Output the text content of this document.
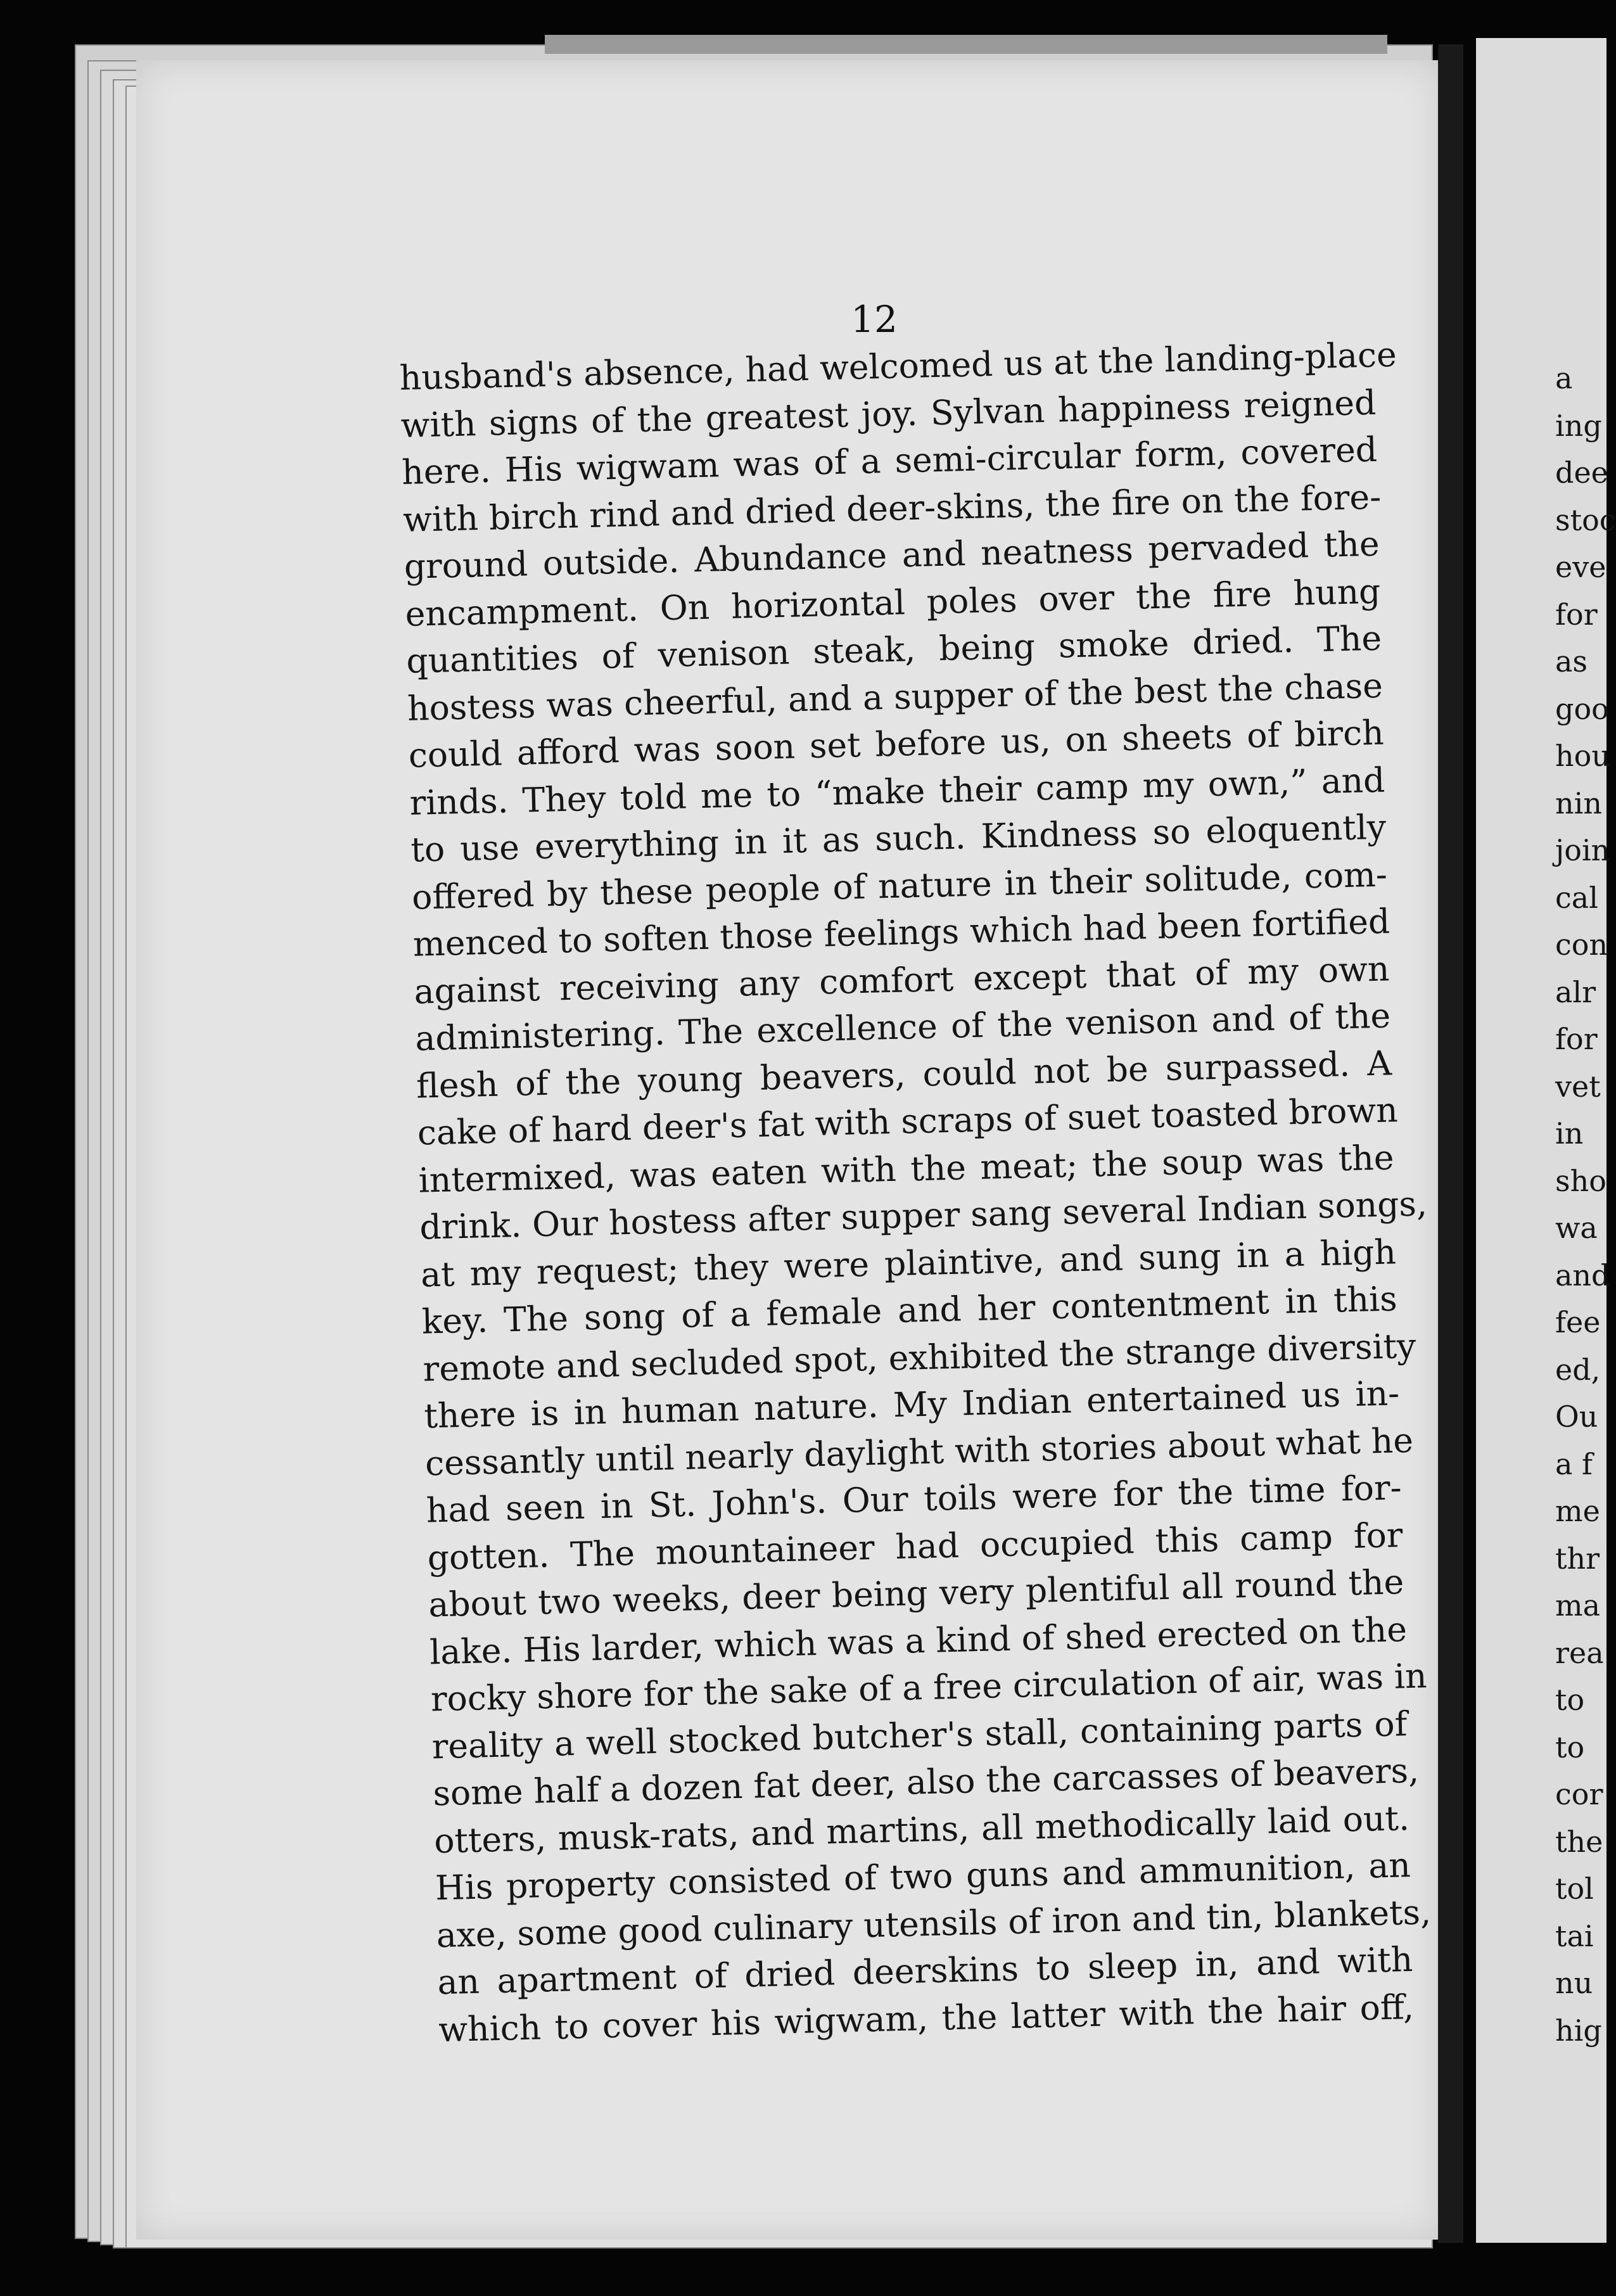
12
husband's absence, had welcomed us at the landing-place
with signs of the greatest joy. Sylvan happiness reigned
here. His wigwam was of a semi-circular form, covered
with birch rind and dried deer-skins, the fire on the fore-
ground outside. Abundance and neatness pervaded the
encampment. On horizontal poles over the fire hung
quantities of venison steak, being smoke dried. The
hostess was cheerful, and a supper of the best the chase
could afford was soon set before us, on sheets of birch
rinds. They told me to “make their camp my own,” and
to use everything in it as such. Kindness so eloquently
offered by these people of nature in their solitude, com-
menced to soften those feelings which had been fortified
against receiving any comfort except that of my own
administering. The excellence of the venison and of the
flesh of the young beavers, could not be surpassed. A
cake of hard deer's fat with scraps of suet toasted brown
intermixed, was eaten with the meat; the soup was the
drink. Our hostess after supper sang several Indian songs,
at my request; they were plaintive, and sung in a high
key. The song of a female and her contentment in this
remote and secluded spot, exhibited the strange diversity
there is in human nature. My Indian entertained us in-
cessantly until nearly daylight with stories about what he
had seen in St. John's. Our toils were for the time for-
gotten. The mountaineer had occupied this camp for
about two weeks, deer being very plentiful all round the
lake. His larder, which was a kind of shed erected on the
rocky shore for the sake of a free circulation of air, was in
reality a well stocked butcher's stall, containing parts of
some half a dozen fat deer, also the carcasses of beavers,
otters, musk-rats, and martins, all methodically laid out.
His property consisted of two guns and ammunition, an
axe, some good culinary utensils of iron and tin, blankets,
an apartment of dried deerskins to sleep in, and with
which to cover his wigwam, the latter with the hair off,
a
ing
dee
stoc
eve
for
as
goo
hou
nin
join
cal
con
alr
for
vet
in
sho
wa
and
fee
ed,
Ou
a f
me
thr
ma
rea
to
to
cor
the
tol
tai
nu
hig
